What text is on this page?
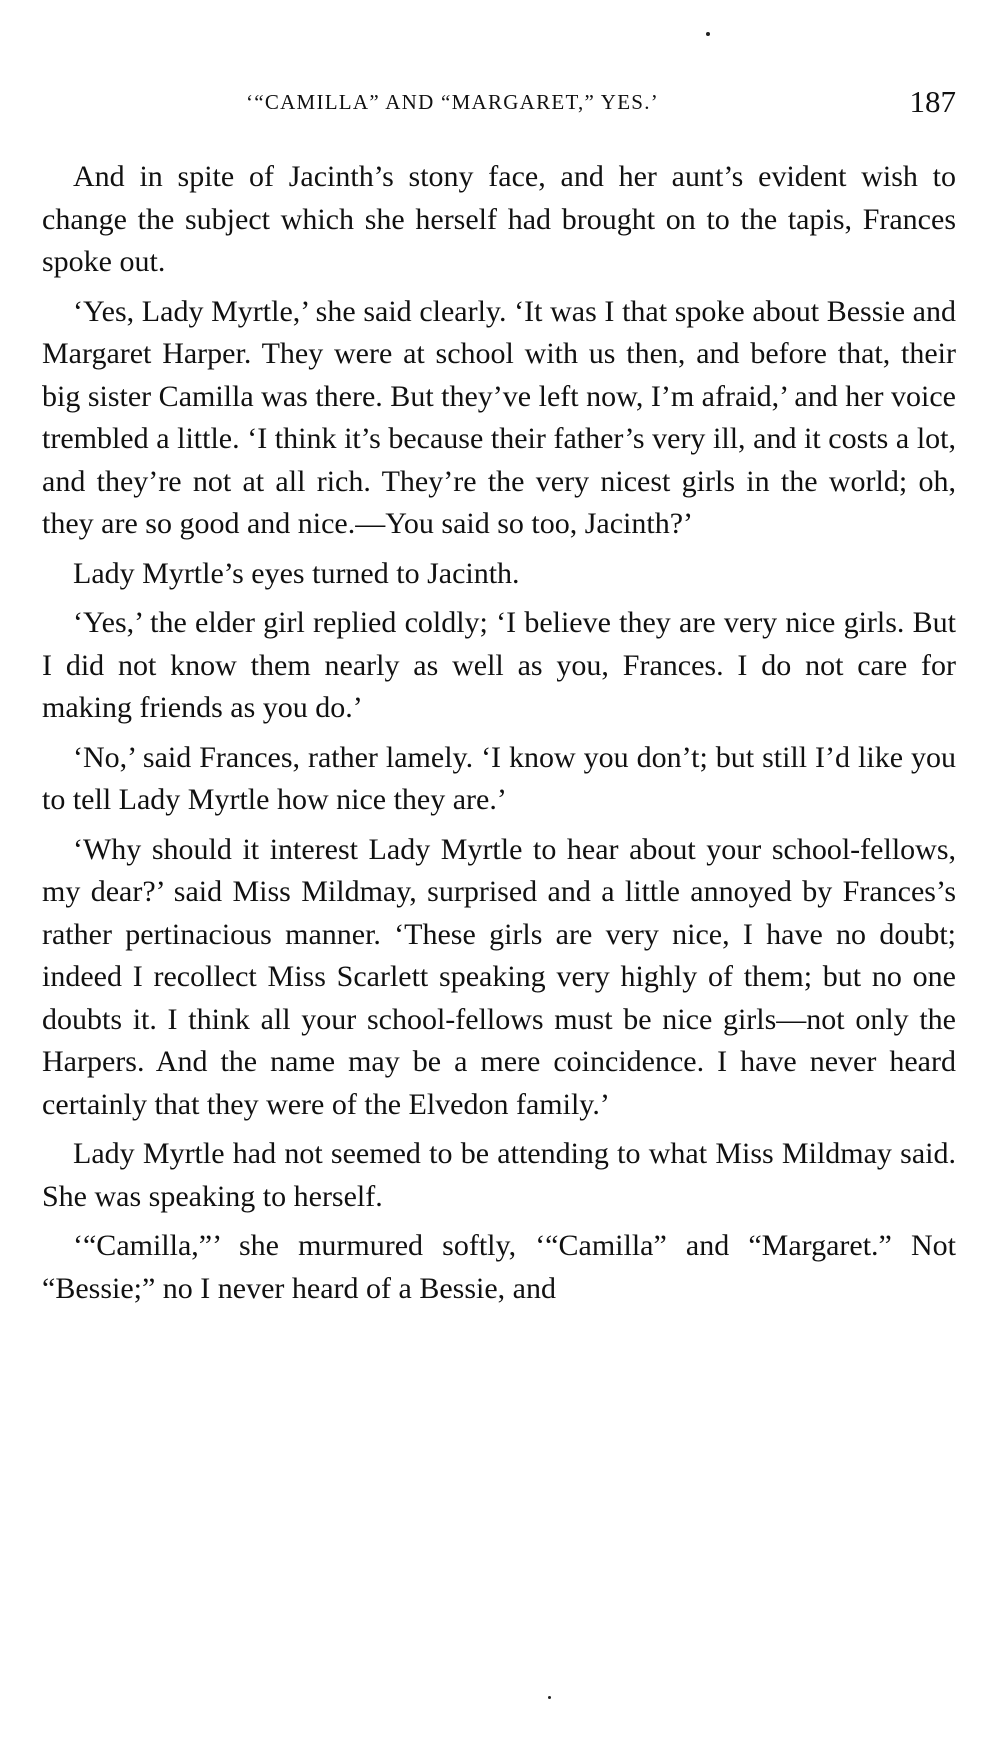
‘“CAMILLA” AND “MARGARET,” YES.’	187

And in spite of Jacinth’s stony face, and her aunt’s evident wish to change the subject which she herself had brought on to the tapis, Frances spoke out.

‘Yes, Lady Myrtle,’ she said clearly. ‘It was I that spoke about Bessie and Margaret Harper. They were at school with us then, and before that, their big sister Camilla was there. But they’ve left now, I’m afraid,’ and her voice trembled a little. ‘I think it’s because their father’s very ill, and it costs a lot, and they’re not at all rich. They’re the very nicest girls in the world; oh, they are so good and nice.—You said so too, Jacinth?’

Lady Myrtle’s eyes turned to Jacinth.

‘Yes,’ the elder girl replied coldly; ‘I believe they are very nice girls. But I did not know them nearly as well as you, Frances. I do not care for making friends as you do.’

‘No,’ said Frances, rather lamely. ‘I know you don’t; but still I’d like you to tell Lady Myrtle how nice they are.’

‘Why should it interest Lady Myrtle to hear about your school-fellows, my dear?’ said Miss Mildmay, surprised and a little annoyed by Frances’s rather pertinacious manner. ‘These girls are very nice, I have no doubt; indeed I recollect Miss Scarlett speaking very highly of them; but no one doubts it. I think all your school-fellows must be nice girls—not only the Harpers. And the name may be a mere coincidence. I have never heard certainly that they were of the Elvedon family.’

Lady Myrtle had not seemed to be attending to what Miss Mildmay said. She was speaking to herself.

‘“Camilla,”’ she murmured softly, ‘“Camilla” and “Margaret.” Not “Bessie;” no I never heard of a Bessie, and
